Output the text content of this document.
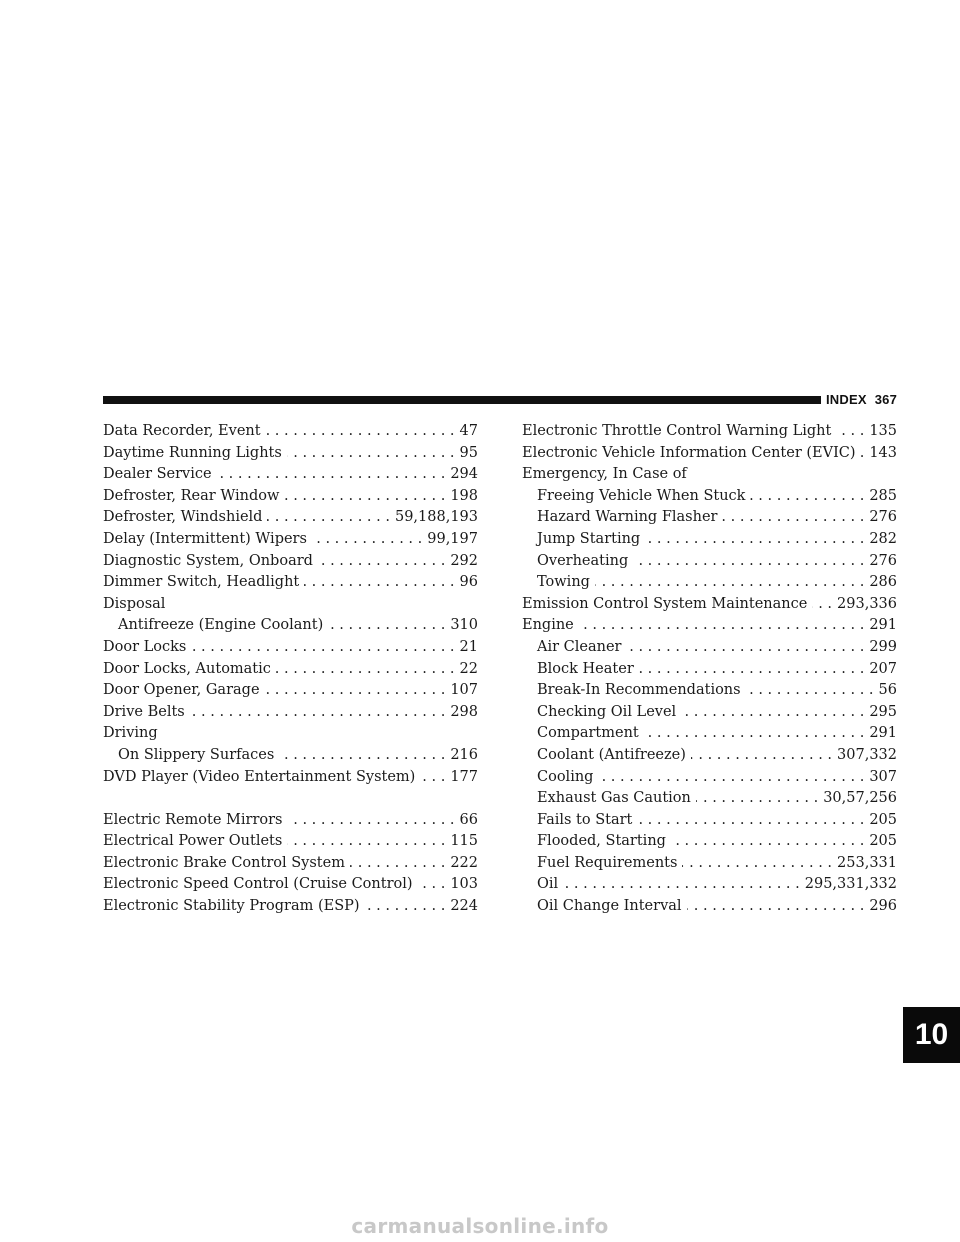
INDEX 367
Data Recorder, Event . . .	47
Daytime Running Lights . . .	95
Dealer Service . . .	294
Defroster, Rear Window . . .	198
Defroster, Windshield . . .	59,188,193
Delay (Intermittent) Wipers . . .	99,197
Diagnostic System, Onboard . . .	292
Dimmer Switch, Headlight . . .	96
Disposal
Antifreeze (Engine Coolant) . . .	310
Door Locks . . .	21
Door Locks, Automatic . . .	22
Door Opener, Garage . . .	107
Drive Belts . . .	298
Driving
On Slippery Surfaces . . .	216
DVD Player (Video Entertainment System) . . . 177
Electric Remote Mirrors . . .	66
Electrical Power Outlets . . .	115
Electronic Brake Control System . . .	222
Electronic Speed Control (Cruise Control) . . .	103
Electronic Stability Program (ESP) . . .	224
Electronic Throttle Control Warning Light . . .	135
Electronic Vehicle Information Center (EVIC) . . . 143
Emergency, In Case of
Freeing Vehicle When Stuck . . .	285
Hazard Warning Flasher . . .	276
Jump Starting . . .	282
Overheating . . .	276
Towing . . .	286
Emission Control System Maintenance . . . 293,336
Engine . . .	291
Air Cleaner . . .	299
Block Heater . . .	207
Break-In Recommendations . . .	56
Checking Oil Level . . .	295
Compartment . . .	291
Coolant (Antifreeze) . . .	307,332
Cooling . . .	307
Exhaust Gas Caution . . .	30,57,256
Fails to Start . . .	205
Flooded, Starting . . .	205
Fuel Requirements . . .	253,331
Oil . . .	295,331,332
Oil Change Interval . . .	296
10
carmanualsonline.info
